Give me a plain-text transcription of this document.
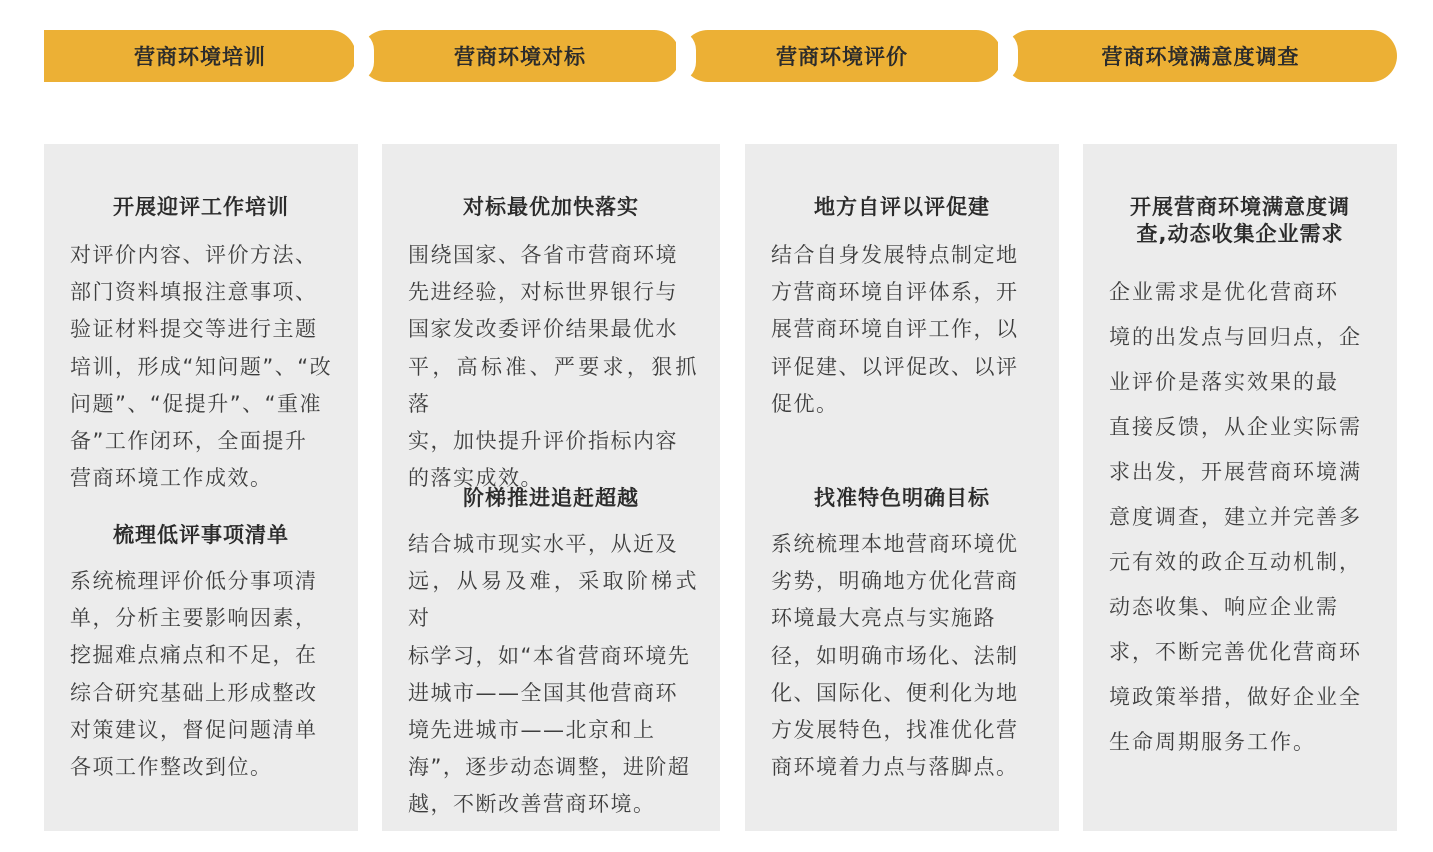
营商环境培训	营商环境对标	营商环境评价	营商环境满意度调查
开展迎评工作培训
对评价内容、评价方法、
部门资料填报注意事项、
验证材料提交等进行主题
培训，形成“知问题”、“改
问题”、“促提升”、“重准
备”工作闭环，全面提升
营商环境工作成效。
梳理低评事项清单
系统梳理评价低分事项清
单，分析主要影响因素，
挖掘难点痛点和不足，在
综合研究基础上形成整改
对策建议，督促问题清单
各项工作整改到位。
对标最优加快落实
围绕国家、各省市营商环境
先进经验，对标世界银行与
国家发改委评价结果最优水
平，高标准、严要求，狠抓落
实，加快提升评价指标内容
的落实成效。
阶梯推进追赶超越
结合城市现实水平，从近及
远，从易及难，采取阶梯式对
标学习，如“本省营商环境先
进城市——全国其他营商环
境先进城市——北京和上
海”，逐步动态调整，进阶超
越，不断改善营商环境。
地方自评以评促建
结合自身发展特点制定地
方营商环境自评体系，开
展营商环境自评工作，以
评促建、以评促改、以评
促优。
找准特色明确目标
系统梳理本地营商环境优
劣势，明确地方优化营商
环境最大亮点与实施路
径，如明确市场化、法制
化、国际化、便利化为地
方发展特色，找准优化营
商环境着力点与落脚点。
开展营商环境满意度调查,动态收集企业需求
企业需求是优化营商环
境的出发点与回归点，企
业评价是落实效果的最
直接反馈，从企业实际需
求出发，开展营商环境满
意度调查，建立并完善多
元有效的政企互动机制，
动态收集、响应企业需
求，不断完善优化营商环
境政策举措，做好企业全
生命周期服务工作。
